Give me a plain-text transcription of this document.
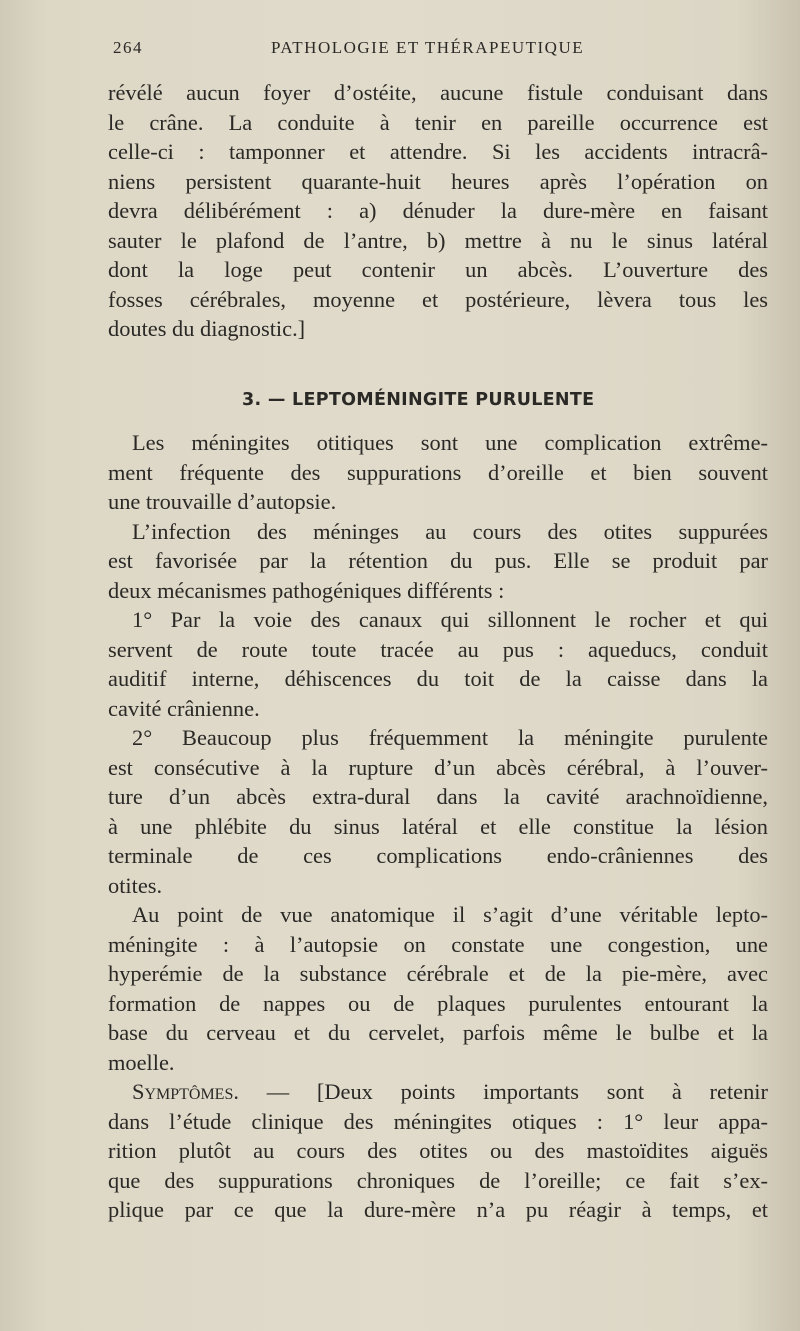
264	PATHOLOGIE ET THÉRAPEUTIQUE
révélé aucun foyer d’ostéite, aucune fistule conduisant dans
le crâne. La conduite à tenir en pareille occurrence est
celle-ci : tamponner et attendre. Si les accidents intracrâ-
niens persistent quarante-huit heures après l’opération on
devra délibérément : a) dénuder la dure-mère en faisant
sauter le plafond de l’antre, b) mettre à nu le sinus latéral
dont la loge peut contenir un abcès. L’ouverture des
fosses cérébrales, moyenne et postérieure, lèvera tous les
doutes du diagnostic.]
3. — LEPTOMÉNINGITE PURULENTE
Les méningites otitiques sont une complication extrême-
ment fréquente des suppurations d’oreille et bien souvent
une trouvaille d’autopsie.
L’infection des méninges au cours des otites suppurées
est favorisée par la rétention du pus. Elle se produit par
deux mécanismes pathogéniques différents :
1° Par la voie des canaux qui sillonnent le rocher et qui
servent de route toute tracée au pus : aqueducs, conduit
auditif interne, déhiscences du toit de la caisse dans la
cavité crânienne.
2° Beaucoup plus fréquemment la méningite purulente
est consécutive à la rupture d’un abcès cérébral, à l’ouver-
ture d’un abcès extra-dural dans la cavité arachnoïdienne,
à une phlébite du sinus latéral et elle constitue la lésion
terminale de ces complications endo-crâniennes des
otites.
Au point de vue anatomique il s’agit d’une véritable lepto-
méningite : à l’autopsie on constate une congestion, une
hyperémie de la substance cérébrale et de la pie-mère, avec
formation de nappes ou de plaques purulentes entourant la
base du cerveau et du cervelet, parfois même le bulbe et la
moelle.
Symptômes. — [Deux points importants sont à retenir
dans l’étude clinique des méningites otiques : 1° leur appa-
rition plutôt au cours des otites ou des mastoïdites aiguës
que des suppurations chroniques de l’oreille; ce fait s’ex-
plique par ce que la dure-mère n’a pu réagir à temps, et
